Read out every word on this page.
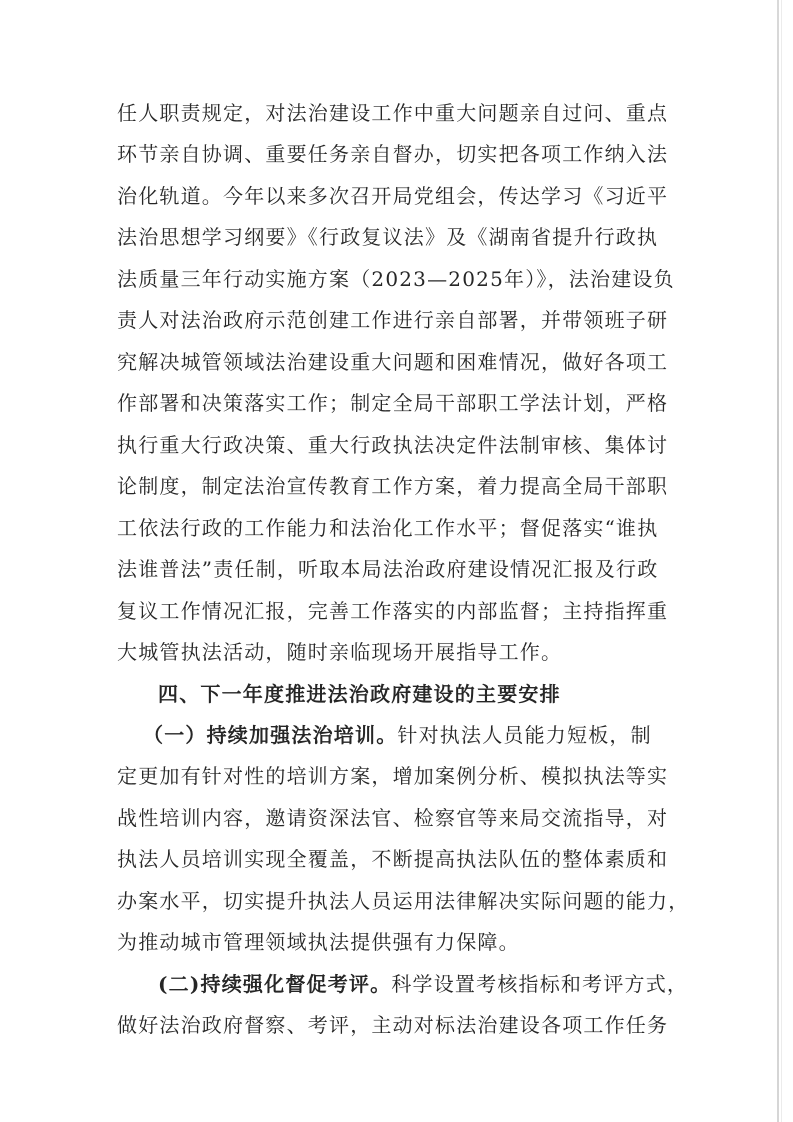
任人职责规定，对法治建设工作中重大问题亲自过问、重点
环节亲自协调、重要任务亲自督办，切实把各项工作纳入法
治化轨道。今年以来多次召开局党组会，传达学习《习近平
法治思想学习纲要》《行政复议法》及《湖南省提升行政执
法质量三年行动实施方案（2023—2025年）》，法治建设负
责人对法治政府示范创建工作进行亲自部署，并带领班子研
究解决城管领域法治建设重大问题和困难情况，做好各项工
作部署和决策落实工作；制定全局干部职工学法计划，严格
执行重大行政决策、重大行政执法决定件法制审核、集体讨
论制度，制定法治宣传教育工作方案，着力提高全局干部职
工依法行政的工作能力和法治化工作水平；督促落实“谁执
法谁普法”责任制，听取本局法治政府建设情况汇报及行政
复议工作情况汇报，完善工作落实的内部监督；主持指挥重
大城管执法活动，随时亲临现场开展指导工作。
四、下一年度推进法治政府建设的主要安排
（一）持续加强法治培训。针对执法人员能力短板，制
定更加有针对性的培训方案，增加案例分析、模拟执法等实
战性培训内容，邀请资深法官、检察官等来局交流指导，对
执法人员培训实现全覆盖，不断提高执法队伍的整体素质和
办案水平，切实提升执法人员运用法律解决实际问题的能力，
为推动城市管理领域执法提供强有力保障。
(二)持续强化督促考评。科学设置考核指标和考评方式，
做好法治政府督察、考评，主动对标法治建设各项工作任务
